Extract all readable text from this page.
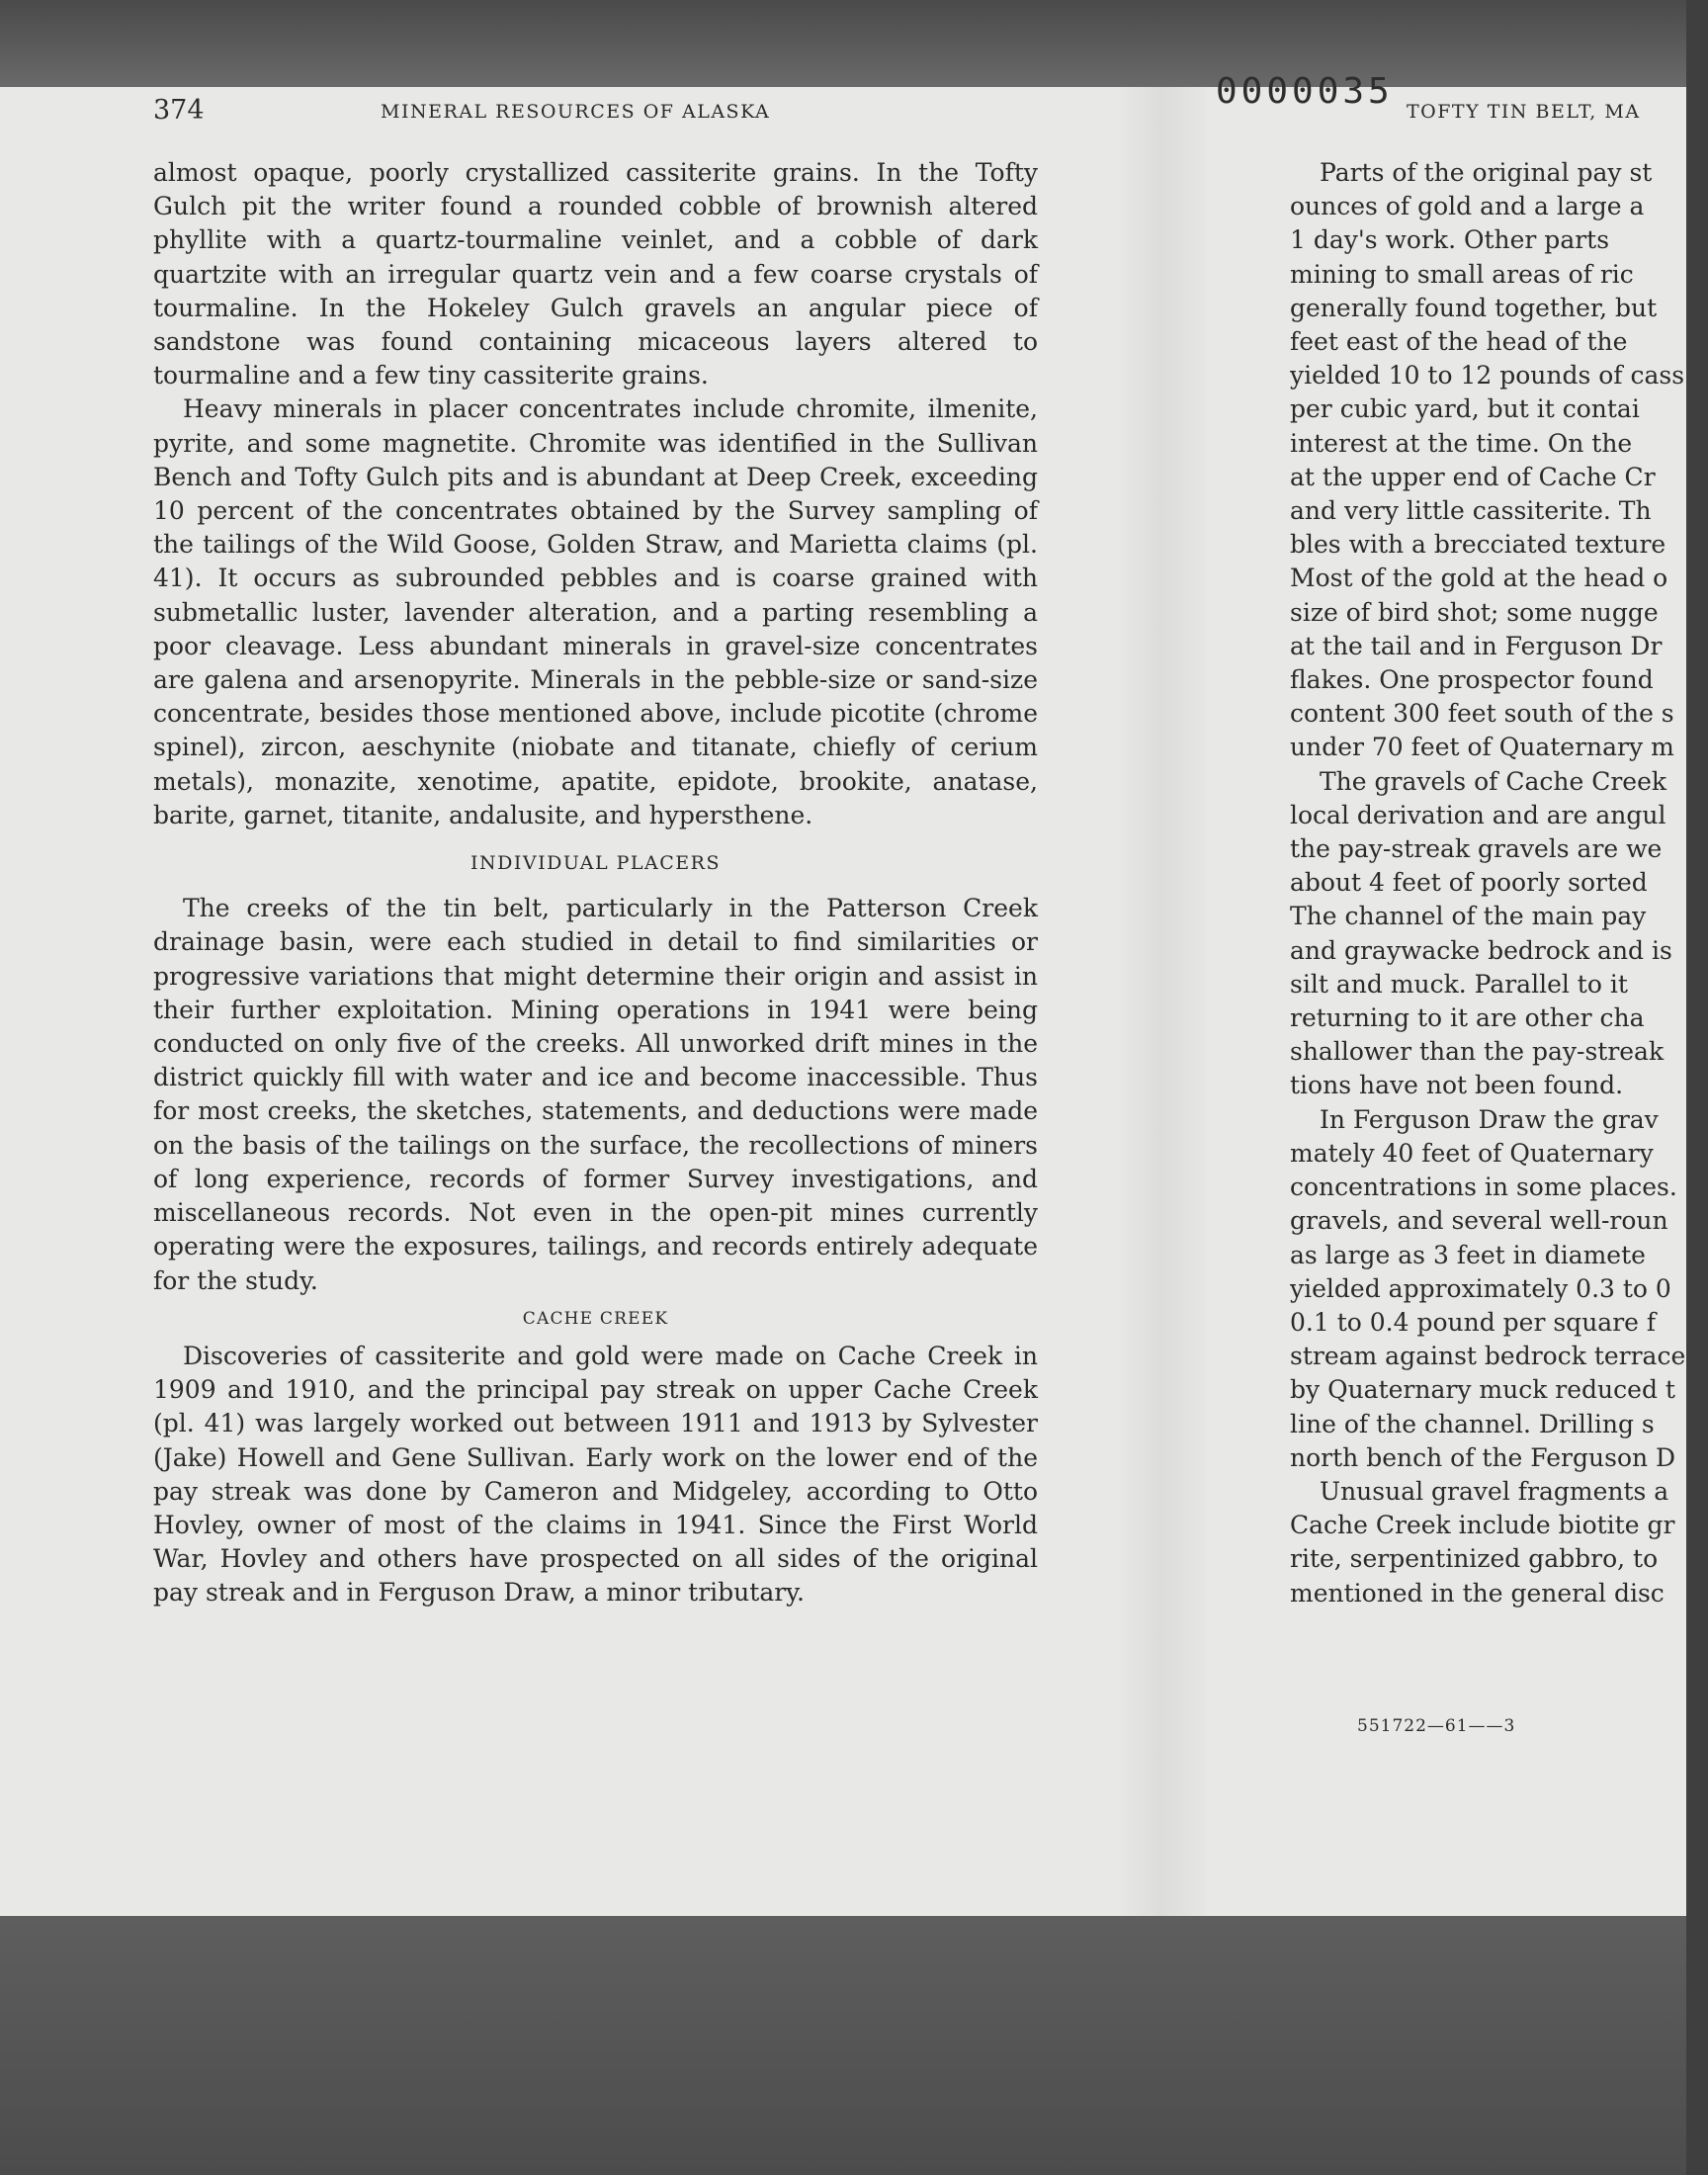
0000035
374	MINERAL RESOURCES OF ALASKA	TOFTY TIN BELT, MA

almost opaque, poorly crystallized cassiterite grains. In the Tofty Gulch pit the writer found a rounded cobble of brownish altered phyllite with a quartz-tourmaline veinlet, and a cobble of dark quartzite with an irregular quartz vein and a few coarse crystals of tourmaline. In the Hokeley Gulch gravels an angular piece of sandstone was found containing micaceous layers altered to tourmaline and a few tiny cassiterite grains.

Heavy minerals in placer concentrates include chromite, ilmenite, pyrite, and some magnetite. Chromite was identified in the Sullivan Bench and Tofty Gulch pits and is abundant at Deep Creek, exceeding 10 percent of the concentrates obtained by the Survey sampling of the tailings of the Wild Goose, Golden Straw, and Marietta claims (pl. 41). It occurs as subrounded pebbles and is coarse grained with submetallic luster, lavender alteration, and a parting resembling a poor cleavage. Less abundant minerals in gravel-size concentrates are galena and arsenopyrite. Minerals in the pebble-size or sand-size concentrate, besides those mentioned above, include picotite (chrome spinel), zircon, aeschynite (niobate and titanate, chiefly of cerium metals), monazite, xenotime, apatite, epidote, brookite, anatase, barite, garnet, titanite, andalusite, and hypersthene.

INDIVIDUAL PLACERS

The creeks of the tin belt, particularly in the Patterson Creek drainage basin, were each studied in detail to find similarities or progressive variations that might determine their origin and assist in their further exploitation. Mining operations in 1941 were being conducted on only five of the creeks. All unworked drift mines in the district quickly fill with water and ice and become inaccessible. Thus for most creeks, the sketches, statements, and deductions were made on the basis of the tailings on the surface, the recollections of miners of long experience, records of former Survey investigations, and miscellaneous records. Not even in the open-pit mines currently operating were the exposures, tailings, and records entirely adequate for the study.

CACHE CREEK

Discoveries of cassiterite and gold were made on Cache Creek in 1909 and 1910, and the principal pay streak on upper Cache Creek (pl. 41) was largely worked out between 1911 and 1913 by Sylvester (Jake) Howell and Gene Sullivan. Early work on the lower end of the pay streak was done by Cameron and Midgeley, according to Otto Hovley, owner of most of the claims in 1941. Since the First World War, Hovley and others have prospected on all sides of the original pay streak and in Ferguson Draw, a minor tributary.

Parts of the original pay st
ounces of gold and a large a
1 day's work. Other parts
mining to small areas of ric
generally found together, but
feet east of the head of the
yielded 10 to 12 pounds of cass
per cubic yard, but it contai
interest at the time. On the
at the upper end of Cache Cr
and very little cassiterite. Th
bles with a brecciated texture
Most of the gold at the head o
size of bird shot; some nugge
at the tail and in Ferguson Dr
flakes. One prospector found
content 300 feet south of the s
under 70 feet of Quaternary m
The gravels of Cache Creek
local derivation and are angul
the pay-streak gravels are we
about 4 feet of poorly sorted
The channel of the main pay
and graywacke bedrock and is
silt and muck. Parallel to it
returning to it are other cha
shallower than the pay-streak
tions have not been found.
In Ferguson Draw the grav
mately 40 feet of Quaternary
concentrations in some places.
gravels, and several well-roun
as large as 3 feet in diamete
yielded approximately 0.3 to 0
0.1 to 0.4 pound per square f
stream against bedrock terrace
by Quaternary muck reduced t
line of the channel. Drilling s
north bench of the Ferguson D
Unusual gravel fragments a
Cache Creek include biotite gr
rite, serpentinized gabbro, to
mentioned in the general disc
551722—61——3
